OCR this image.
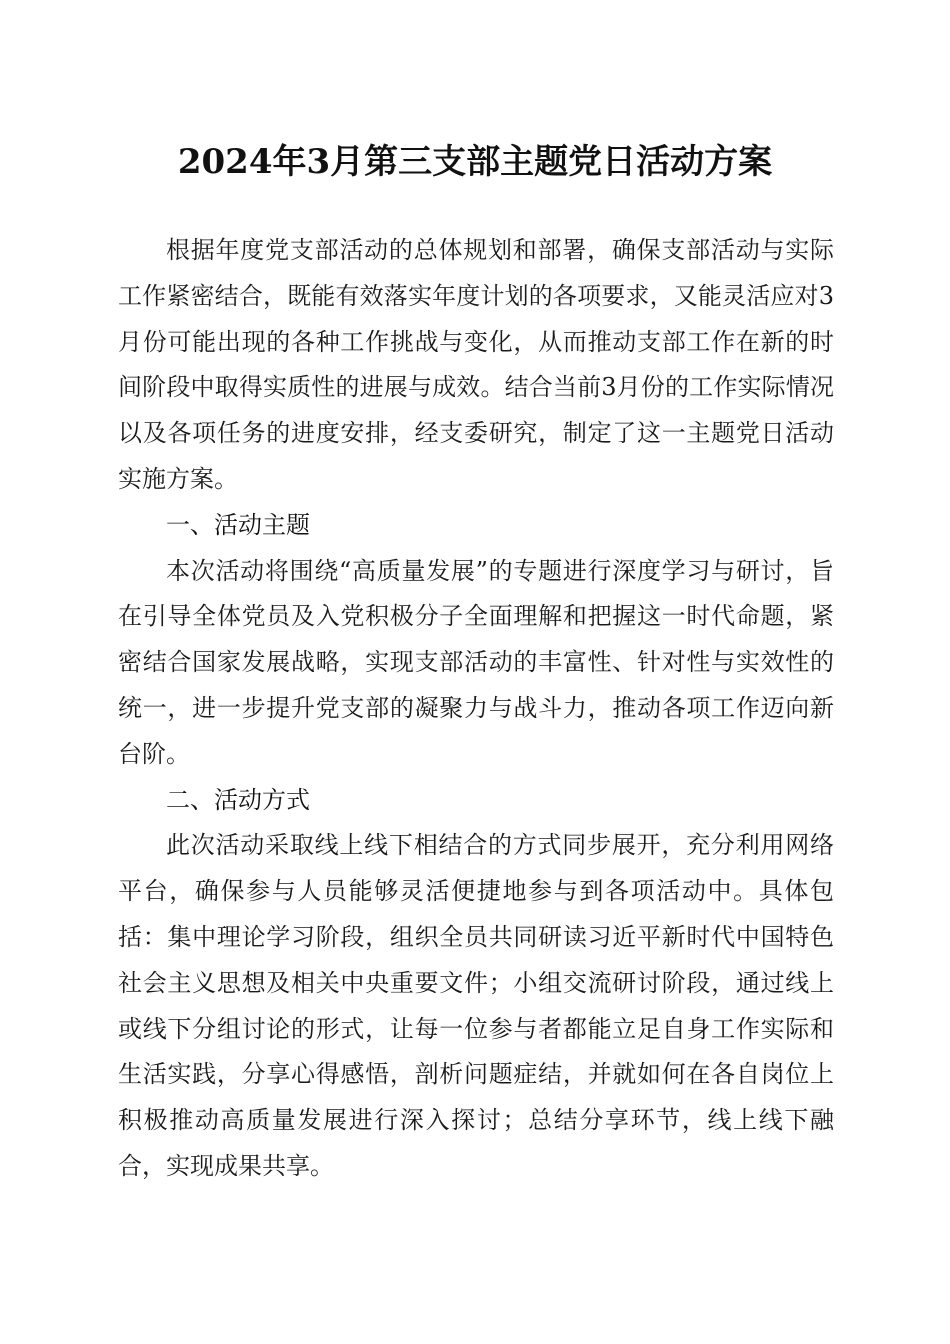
2024年3月第三支部主题党日活动方案

根据年度党支部活动的总体规划和部署，确保支部活动与实际工作紧密结合，既能有效落实年度计划的各项要求，又能灵活应对3月份可能出现的各种工作挑战与变化，从而推动支部工作在新的时间阶段中取得实质性的进展与成效。结合当前3月份的工作实际情况以及各项任务的进度安排，经支委研究，制定了这一主题党日活动实施方案。

一、活动主题

本次活动将围绕“高质量发展”的专题进行深度学习与研讨，旨在引导全体党员及入党积极分子全面理解和把握这一时代命题，紧密结合国家发展战略，实现支部活动的丰富性、针对性与实效性的统一，进一步提升党支部的凝聚力与战斗力，推动各项工作迈向新台阶。

二、活动方式

此次活动采取线上线下相结合的方式同步展开，充分利用网络平台，确保参与人员能够灵活便捷地参与到各项活动中。具体包括：集中理论学习阶段，组织全员共同研读习近平新时代中国特色社会主义思想及相关中央重要文件；小组交流研讨阶段，通过线上或线下分组讨论的形式，让每一位参与者都能立足自身工作实际和生活实践，分享心得感悟，剖析问题症结，并就如何在各自岗位上积极推动高质量发展进行深入探讨；总结分享环节，线上线下融合，实现成果共享。
